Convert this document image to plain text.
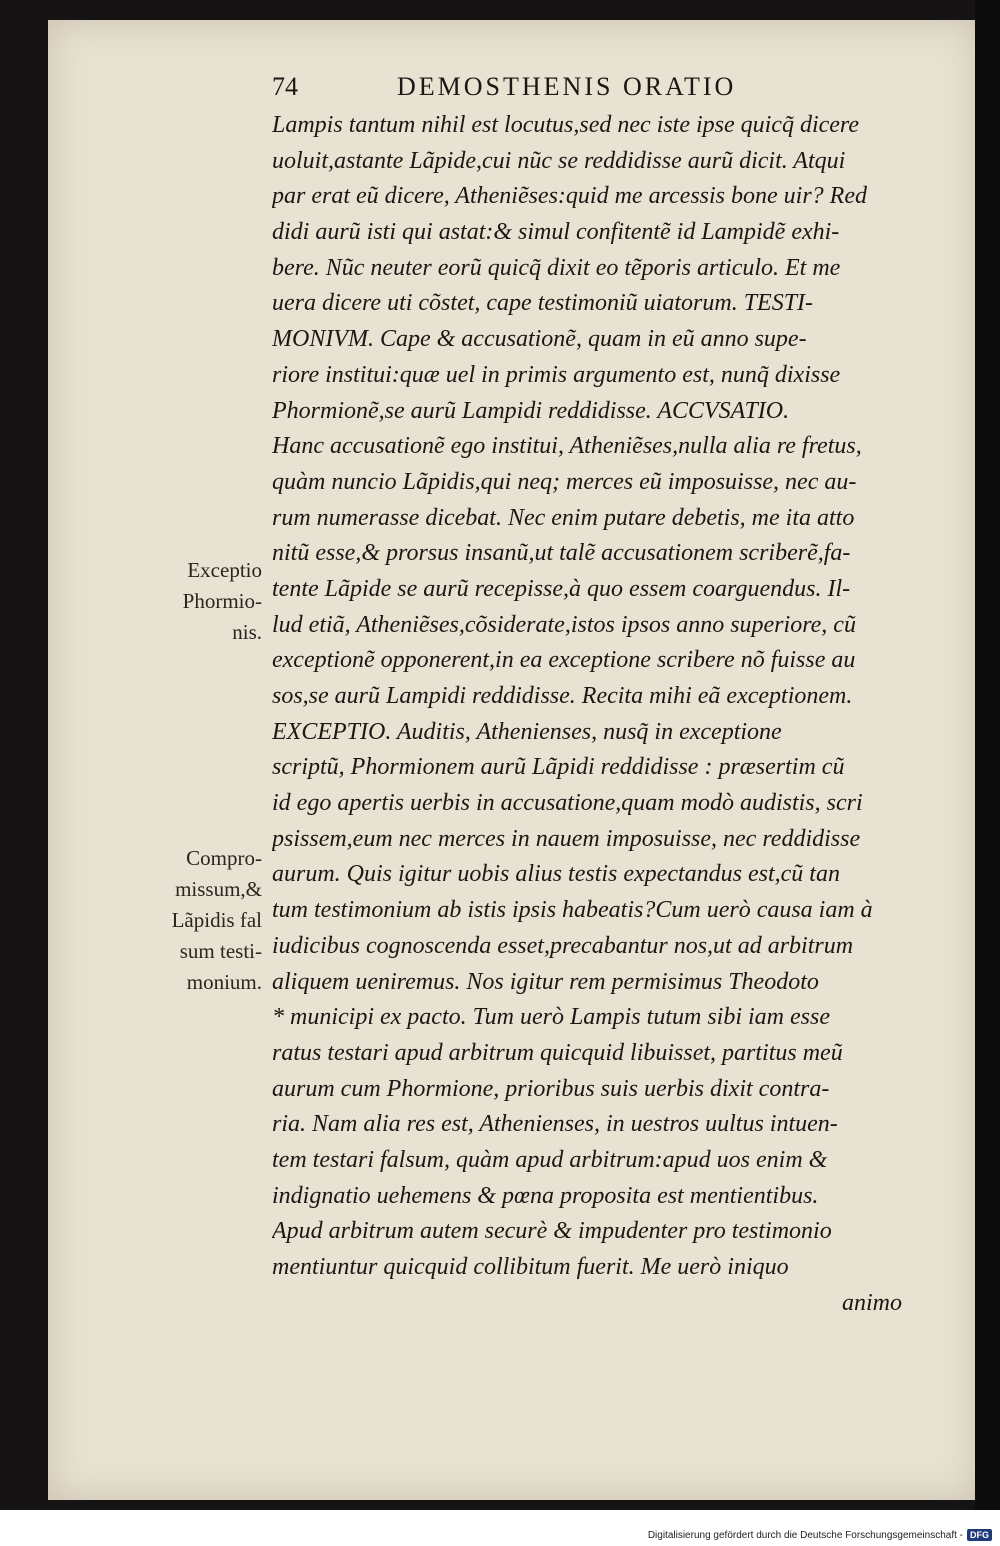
74	DEMOSTHENIS ORATIO
Exceptio
Phormio-
nis.
Compro-
missum,&
Lãpidis fal
sum testi-
monium.
Lampis tantum nihil est locutus,sed nec iste ipse quicq̃ dicere
uoluit,astante Lãpide,cui nũc se reddidisse aurũ dicit. Atqui
par erat eũ dicere, Atheniẽses:quid me arcessis bone uir? Red
didi aurũ isti qui astat:& simul confitentẽ id Lampidẽ exhi-
bere. Nũc neuter eorũ quicq̃ dixit eo tẽporis articulo. Et me
uera dicere uti cõstet, cape testimoniũ uiatorum. TESTI-
MONIVM. Cape & accusationẽ, quam in eũ anno supe-
riore institui:quæ uel in primis argumento est, nunq̃ dixisse
Phormionẽ,se aurũ Lampidi reddidisse. ACCVSATIO.
Hanc accusationẽ ego institui, Atheniẽses,nulla alia re fretus,
quàm nuncio Lãpidis,qui neq; merces eũ imposuisse, nec au-
rum numerasse dicebat. Nec enim putare debetis, me ita atto
nitũ esse,& prorsus insanũ,ut talẽ accusationem scriberẽ,fa-
tente Lãpide se aurũ recepisse,à quo essem coarguendus. Il-
lud etiã, Atheniẽses,cõsiderate,istos ipsos anno superiore, cũ
exceptionẽ opponerent,in ea exceptione scribere nõ fuisse au
sos,se aurũ Lampidi reddidisse. Recita mihi eã exceptionem.
EXCEPTIO. Auditis, Athenienses, nusq̃ in exceptione
scriptũ, Phormionem aurũ Lãpidi reddidisse : præsertim cũ
id ego apertis uerbis in accusatione,quam modò audistis, scri
psissem,eum nec merces in nauem imposuisse, nec reddidisse
aurum. Quis igitur uobis alius testis expectandus est,cũ tan
tum testimonium ab istis ipsis habeatis?Cum uerò causa iam à
iudicibus cognoscenda esset,precabantur nos,ut ad arbitrum
aliquem ueniremus. Nos igitur rem permisimus Theodoto
* municipi ex pacto. Tum uerò Lampis tutum sibi iam esse
ratus testari apud arbitrum quicquid libuisset, partitus meũ
aurum cum Phormione, prioribus suis uerbis dixit contra-
ria. Nam alia res est, Athenienses, in uestros uultus intuen-
tem testari falsum, quàm apud arbitrum:apud uos enim &
indignatio uehemens & pœna proposita est mentientibus.
Apud arbitrum autem securè & impudenter pro testimonio
mentiuntur quicquid collibitum fuerit. Me uerò iniquo
animo
Digitalisierung gefördert durch die Deutsche Forschungsgemeinschaft - DFG
